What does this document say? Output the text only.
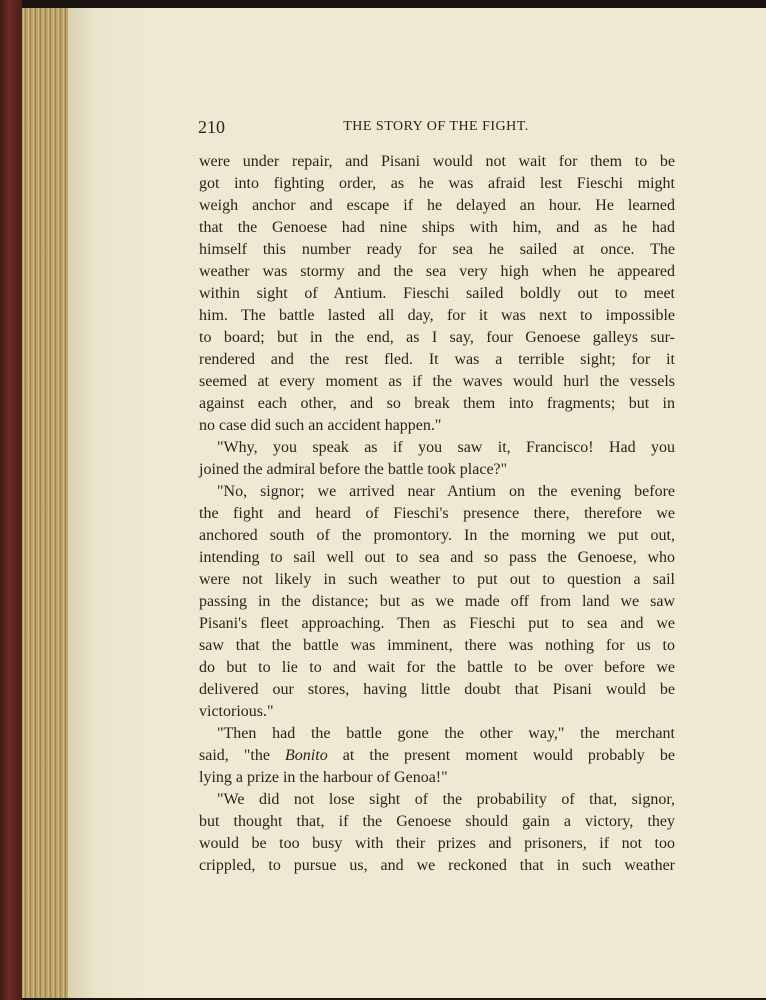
210	THE STORY OF THE FIGHT.
were under repair, and Pisani would not wait for them to be
got into fighting order, as he was afraid lest Fieschi might
weigh anchor and escape if he delayed an hour. He learned
that the Genoese had nine ships with him, and as he had
himself this number ready for sea he sailed at once. The
weather was stormy and the sea very high when he appeared
within sight of Antium. Fieschi sailed boldly out to meet
him. The battle lasted all day, for it was next to impossible
to board; but in the end, as I say, four Genoese galleys sur-
rendered and the rest fled. It was a terrible sight; for it
seemed at every moment as if the waves would hurl the vessels
against each other, and so break them into fragments; but in
no case did such an accident happen."
"Why, you speak as if you saw it, Francisco! Had you
joined the admiral before the battle took place?"
"No, signor; we arrived near Antium on the evening before
the fight and heard of Fieschi's presence there, therefore we
anchored south of the promontory. In the morning we put out,
intending to sail well out to sea and so pass the Genoese, who
were not likely in such weather to put out to question a sail
passing in the distance; but as we made off from land we saw
Pisani's fleet approaching. Then as Fieschi put to sea and we
saw that the battle was imminent, there was nothing for us to
do but to lie to and wait for the battle to be over before we
delivered our stores, having little doubt that Pisani would be
victorious."
"Then had the battle gone the other way," the merchant
said, "the Bonito at the present moment would probably be
lying a prize in the harbour of Genoa!"
"We did not lose sight of the probability of that, signor,
but thought that, if the Genoese should gain a victory, they
would be too busy with their prizes and prisoners, if not too
crippled, to pursue us, and we reckoned that in such weather
